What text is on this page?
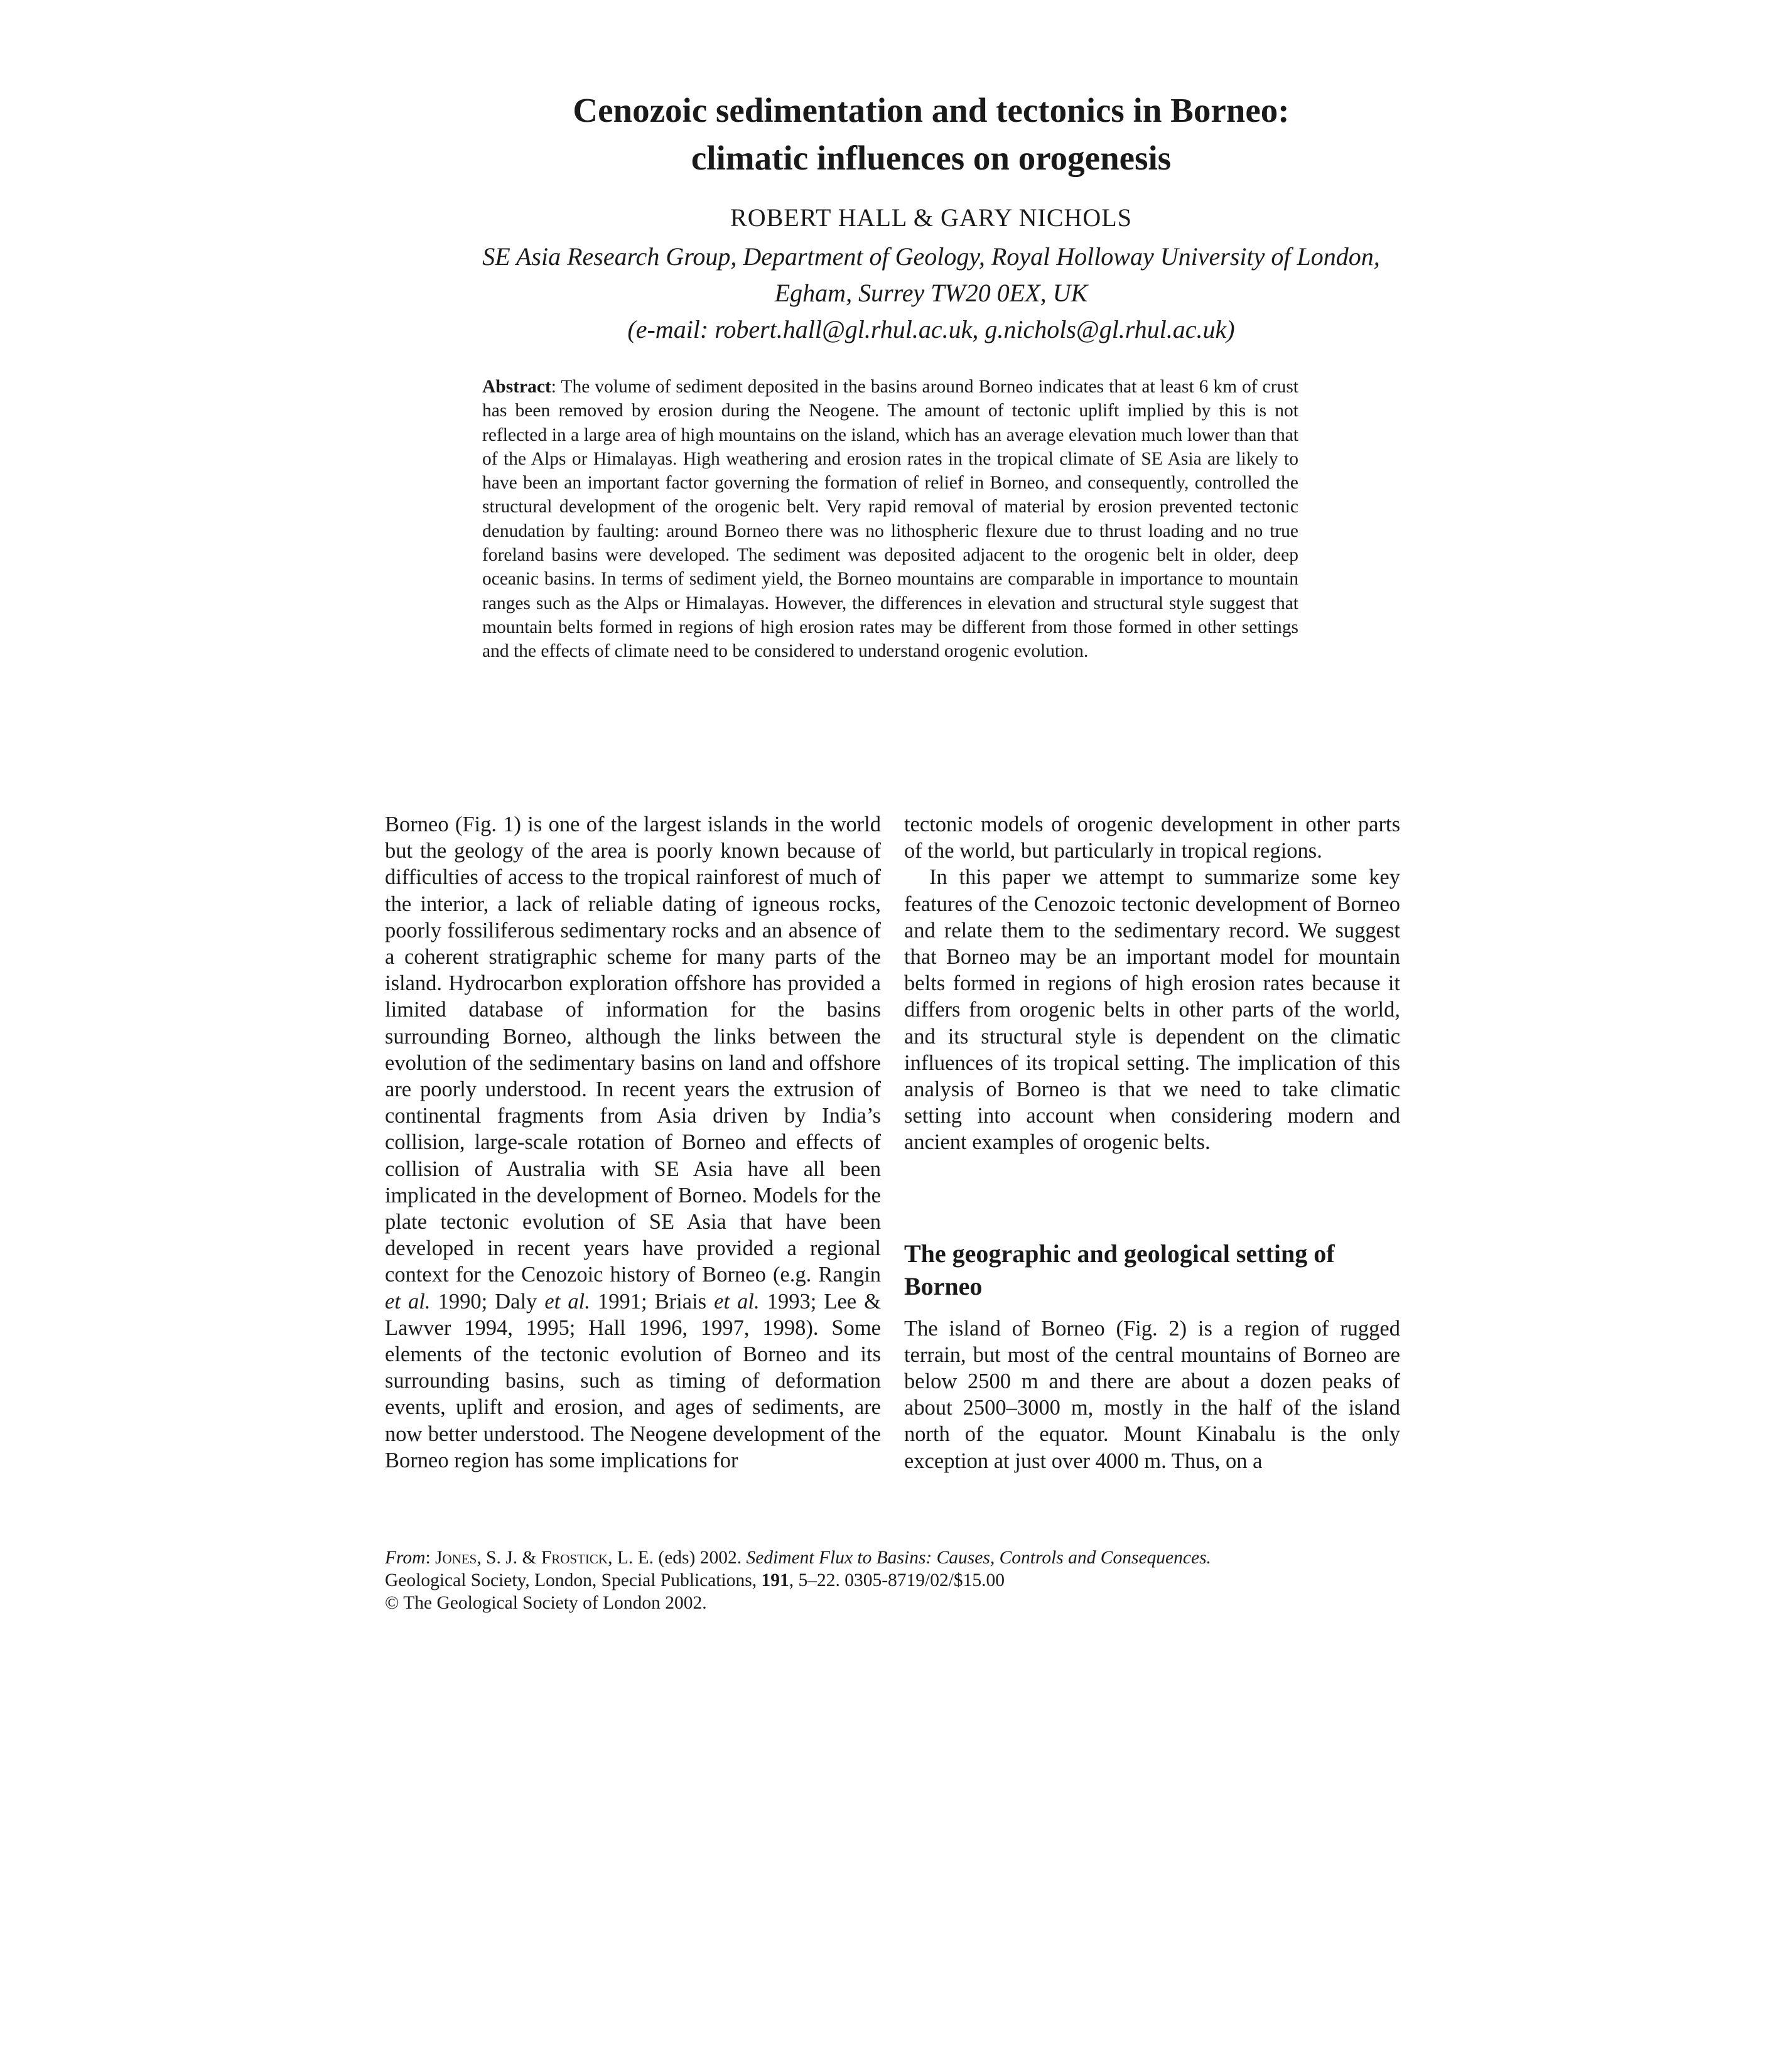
Cenozoic sedimentation and tectonics in Borneo:
climatic influences on orogenesis
ROBERT HALL & GARY NICHOLS
SE Asia Research Group, Department of Geology, Royal Holloway University of London,
Egham, Surrey TW20 0EX, UK
(e-mail: robert.hall@gl.rhul.ac.uk, g.nichols@gl.rhul.ac.uk)

Abstract: The volume of sediment deposited in the basins around Borneo indicates that at least 6 km of crust has been removed by erosion during the Neogene. The amount of tectonic uplift implied by this is not reflected in a large area of high mountains on the island, which has an average elevation much lower than that of the Alps or Himalayas. High weathering and erosion rates in the tropical climate of SE Asia are likely to have been an important factor governing the formation of relief in Borneo, and consequently, controlled the structural development of the orogenic belt. Very rapid removal of material by erosion prevented tectonic denudation by faulting: around Borneo there was no lithospheric flexure due to thrust loading and no true foreland basins were developed. The sediment was deposited adjacent to the orogenic belt in older, deep oceanic basins. In terms of sediment yield, the Borneo mountains are comparable in importance to mountain ranges such as the Alps or Himalayas. However, the differences in elevation and structural style suggest that mountain belts formed in regions of high erosion rates may be different from those formed in other settings and the effects of climate need to be considered to understand orogenic evolution.

Borneo (Fig. 1) is one of the largest islands in the world but the geology of the area is poorly known because of difficulties of access to the tropical rainforest of much of the interior, a lack of reliable dating of igneous rocks, poorly fossiliferous sedimentary rocks and an absence of a coherent stratigraphic scheme for many parts of the island. Hydrocarbon exploration offshore has provided a limited database of information for the basins surrounding Borneo, although the links between the evolution of the sedimentary basins on land and offshore are poorly understood. In recent years the extrusion of continental fragments from Asia driven by India’s collision, large-scale rotation of Borneo and effects of collision of Australia with SE Asia have all been implicated in the development of Borneo. Models for the plate tectonic evolution of SE Asia that have been developed in recent years have provided a regional context for the Cenozoic history of Borneo (e.g. Rangin et al. 1990; Daly et al. 1991; Briais et al. 1993; Lee & Lawver 1994, 1995; Hall 1996, 1997, 1998). Some elements of the tectonic evolution of Borneo and its surrounding basins, such as timing of deformation events, uplift and erosion, and ages of sediments, are now better understood. The Neogene development of the Borneo region has some implications for

tectonic models of orogenic development in other parts of the world, but particularly in tropical regions.

In this paper we attempt to summarize some key features of the Cenozoic tectonic development of Borneo and relate them to the sedimentary record. We suggest that Borneo may be an important model for mountain belts formed in regions of high erosion rates because it differs from orogenic belts in other parts of the world, and its structural style is dependent on the climatic influences of its tropical setting. The implication of this analysis of Borneo is that we need to take climatic setting into account when considering modern and ancient examples of orogenic belts.

The geographic and geological setting of Borneo

The island of Borneo (Fig. 2) is a region of rugged terrain, but most of the central mountains of Borneo are below 2500 m and there are about a dozen peaks of about 2500–3000 m, mostly in the half of the island north of the equator. Mount Kinabalu is the only exception at just over 4000 m. Thus, on a

From: Jones, S. J. & Frostick, L. E. (eds) 2002. Sediment Flux to Basins: Causes, Controls and Consequences.
Geological Society, London, Special Publications, 191, 5–22. 0305-8719/02/$15.00
© The Geological Society of London 2002.
